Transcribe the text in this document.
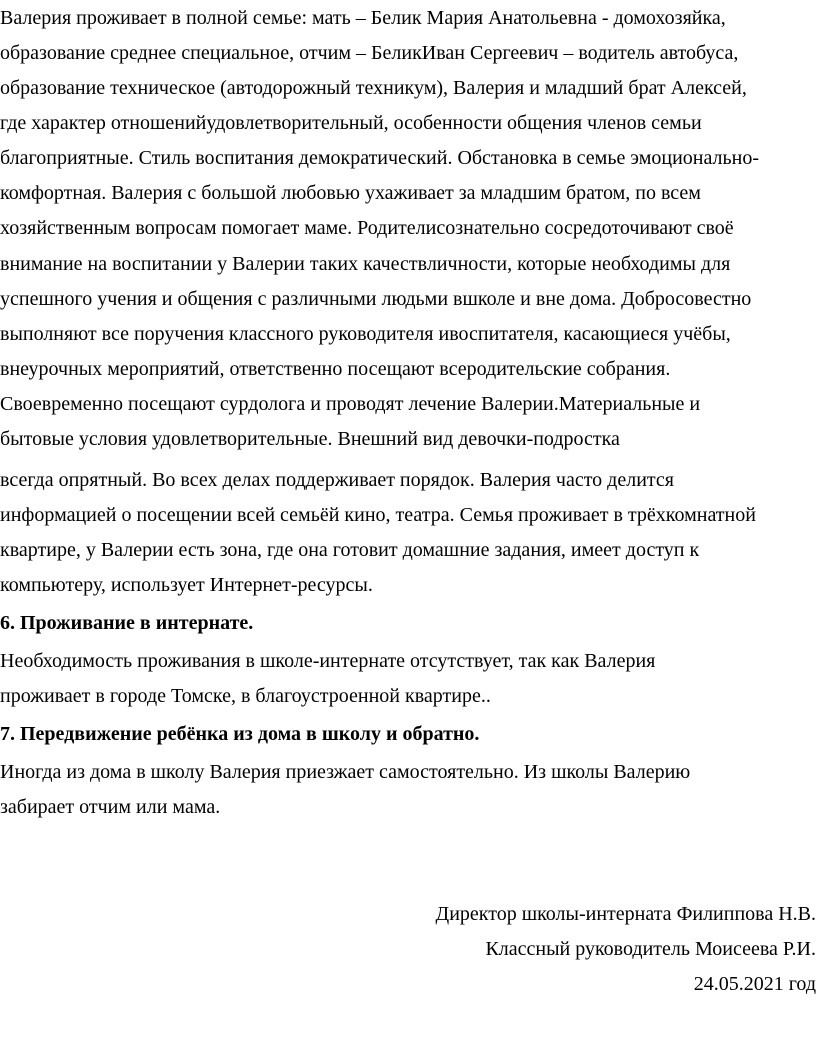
Валерия проживает в полной семье: мать – Белик Мария Анатольевна - домохозяйка,
образование среднее специальное, отчим – БеликИван Сергеевич – водитель автобуса,
образование техническое (автодорожный техникум), Валерия и младший брат Алексей,
где характер отношенийудовлетворительный, особенности общения членов семьи
благоприятные. Стиль воспитания демократический. Обстановка в семье эмоционально-
комфортная. Валерия с большой любовью ухаживает за младшим братом, по всем
хозяйственным вопросам помогает маме. Родителисознательно сосредоточивают своё
внимание на воспитании у Валерии таких качествличности, которые необходимы для
успешного учения и общения с различными людьми вшколе и вне дома. Добросовестно
выполняют все поручения классного руководителя ивоспитателя, касающиеся учёбы,
внеурочных мероприятий, ответственно посещают всеродительские собрания.
Своевременно посещают сурдолога и проводят лечение Валерии.Материальные и
бытовые условия удовлетворительные. Внешний вид девочки-подростка
всегда опрятный. Во всех делах поддерживает порядок. Валерия часто делится
информацией о посещении всей семьёй кино, театра. Семья проживает в трёхкомнатной
квартире, у Валерии есть зона, где она готовит домашние задания, имеет доступ к
компьютеру, использует Интернет-ресурсы.
6. Проживание в интернате.
Необходимость проживания в школе-интернате отсутствует, так как Валерия
проживает в городе Томске, в благоустроенной квартире..
7. Передвижение ребёнка из дома в школу и обратно.
Иногда из дома в школу Валерия приезжает самостоятельно. Из школы Валерию
забирает отчим или мама.
Директор школы-интерната Филиппова Н.В.
Классный руководитель Моисеева Р.И.
24.05.2021 год
